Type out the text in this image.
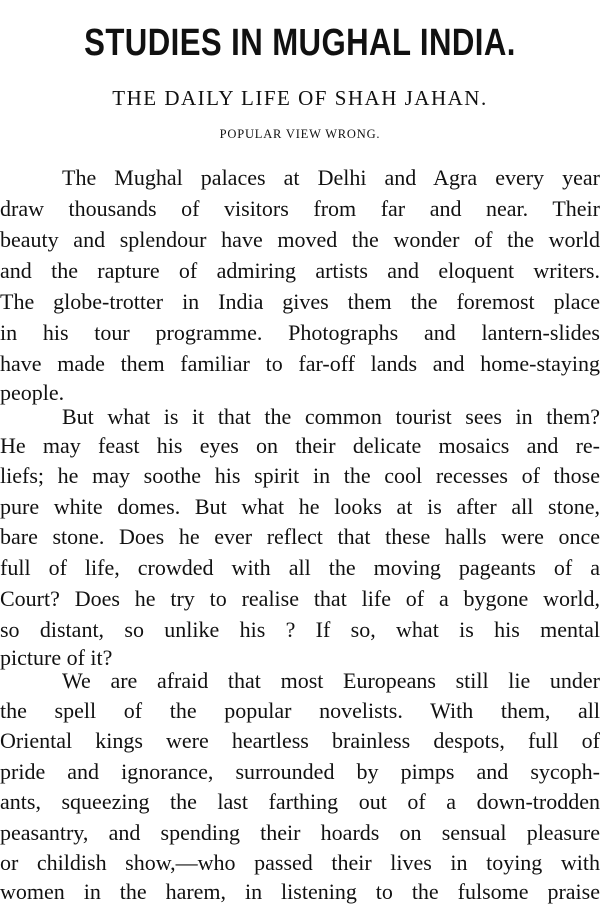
STUDIES IN MUGHAL INDIA.
THE DAILY LIFE OF SHAH JAHAN.
POPULAR VIEW WRONG.
The Mughal palaces at Delhi and Agra every year
draw thousands of visitors from far and near. Their
beauty and splendour have moved the wonder of the world
and the rapture of admiring artists and eloquent writers.
The globe-trotter in India gives them the foremost place
in his tour programme. Photographs and lantern-slides
have made them familiar to far-off lands and home-staying
people.
But what is it that the common tourist sees in them?
He may feast his eyes on their delicate mosaics and re-
liefs; he may soothe his spirit in the cool recesses of those
pure white domes. But what he looks at is after all stone,
bare stone. Does he ever reflect that these halls were once
full of life, crowded with all the moving pageants of a
Court? Does he try to realise that life of a bygone world,
so distant, so unlike his ? If so, what is his mental
picture of it?
We are afraid that most Europeans still lie under
the spell of the popular novelists. With them, all
Oriental kings were heartless brainless despots, full of
pride and ignorance, surrounded by pimps and sycoph-
ants, squeezing the last farthing out of a down-trodden
peasantry, and spending their hoards on sensual pleasure
or childish show,—who passed their lives in toying with
women in the harem, in listening to the fulsome praise
